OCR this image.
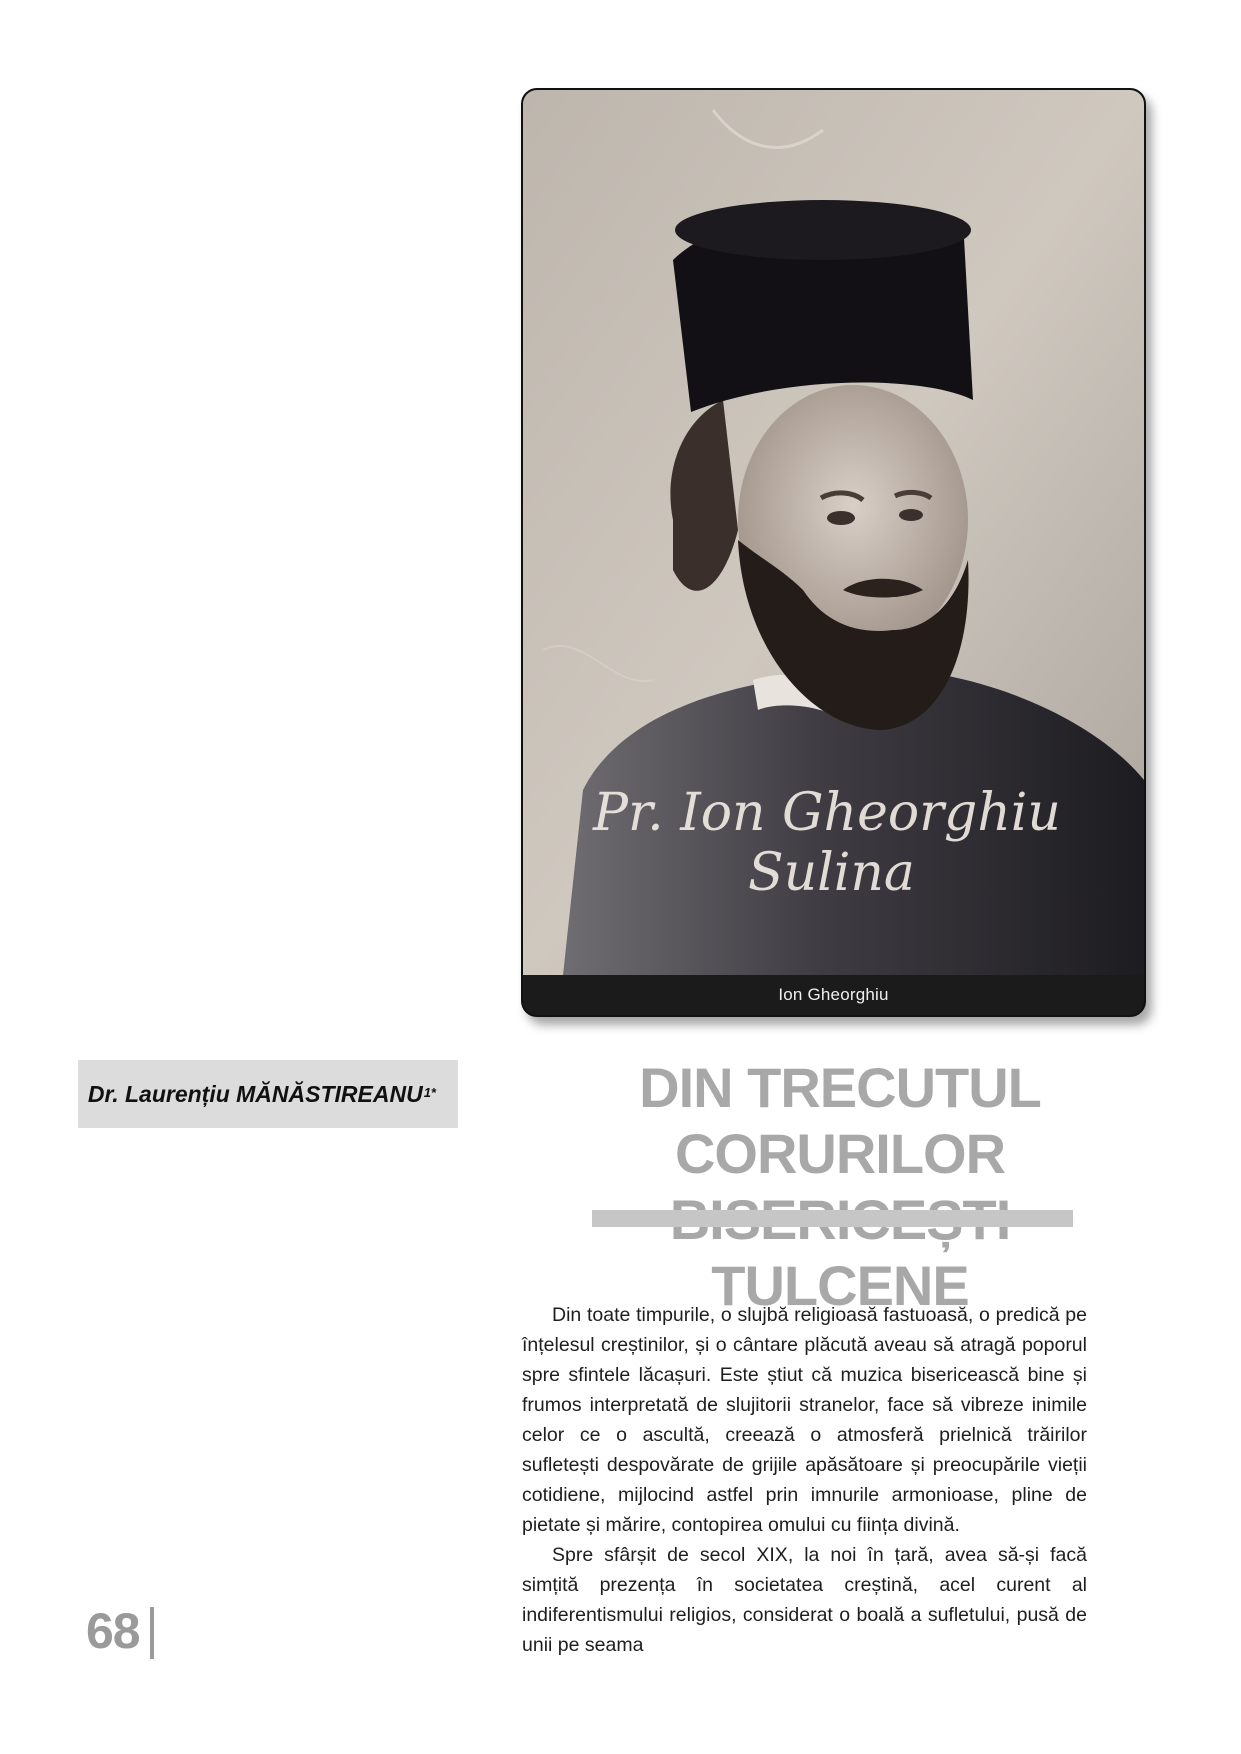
Pr. Ion Gheorghiu
Sulina
Ion Gheorghiu
Dr. Laurențiu $MĂNĂSTIREANU^{1*}$	DIN TRECUTUL CORURILOR TULCENE

Din toate timpurile, o slujbă religioasă fastuoasă, o predică pe înțelesul creștinilor, și o cântare plăcută aveau să atragă poporul spre sfintele lăcașuri. Este știut că muzica bisericească bine și frumos interpretată de slujitorii stranelor, face să vibreze inimile celor ce o ascultă, creează o atmosferă prielnică trăirilor sufletești despovărate de grijile apăsătoare și preocupările vieții cotidiene, mijlocind astfel prin imnurile armonioase, pline de pietate și mărire, contopirea omului cu ființa divină.

Spre sfârșit de secol XIX, la noi în țară, avea să-și facă simțită prezența în societatea creștină, acel curent al indiferentismului religios, considerat o boală a sufletului, pusă de unii pe seama

68
